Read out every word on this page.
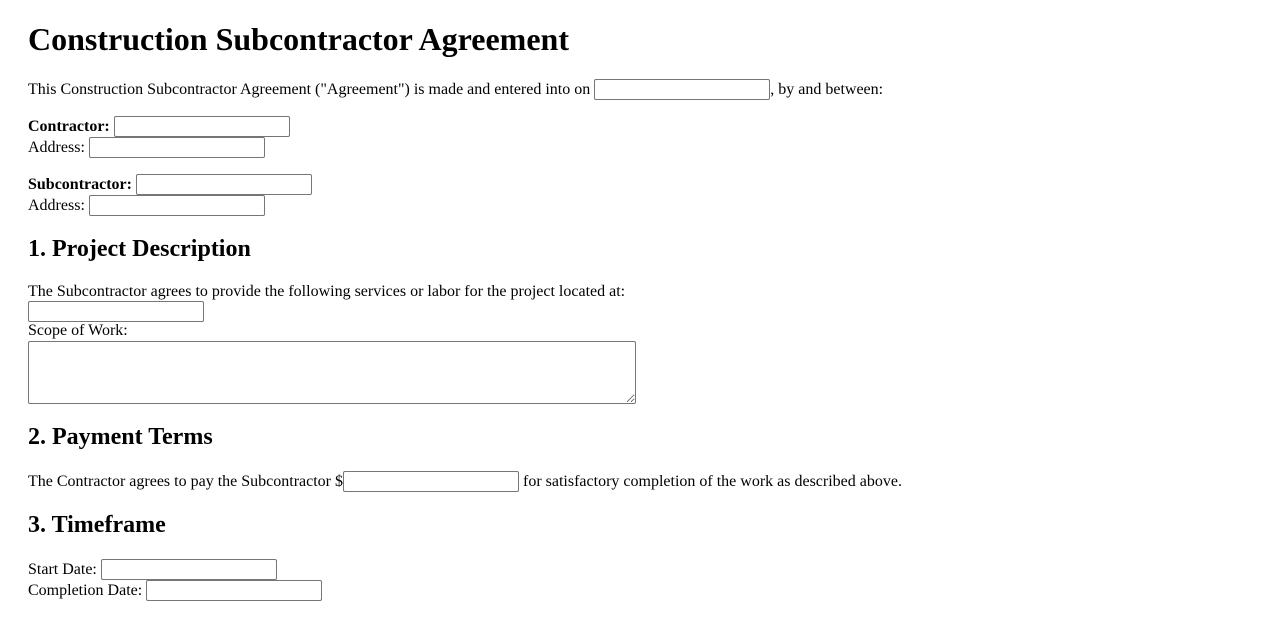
Construction Subcontractor Agreement

This Construction Subcontractor Agreement ("Agreement") is made and entered into on	, by and between:

Contractor:
Address:

Subcontractor:
Address:

1. Project Description

The Subcontractor agrees to provide the following services or labor for the project located at:

Scope of Work:

2. Payment Terms

The Contractor agrees to pay the Subcontractor $	for satisfactory completion of the work as described above.

3. Timeframe

Start Date:
Completion Date:
